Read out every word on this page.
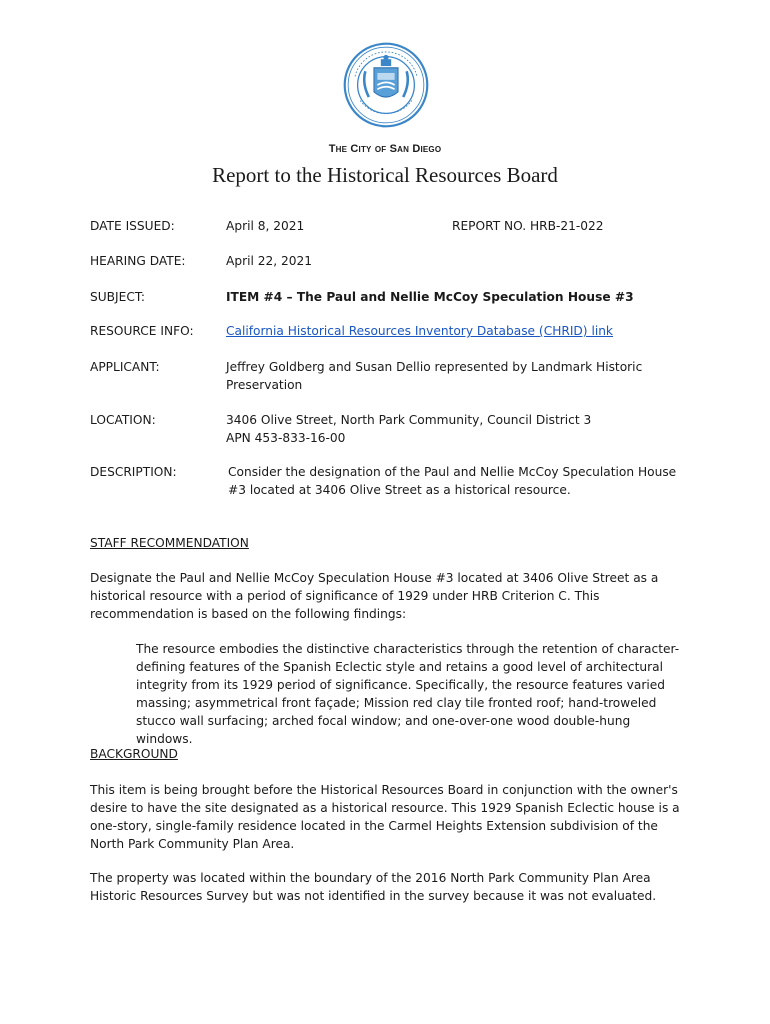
The City of San Diego
Report to the Historical Resources Board
DATE ISSUED:	April 8, 2021	REPORT NO. HRB-21-022
HEARING DATE:	April 22, 2021
SUBJECT:	ITEM #4 – The Paul and Nellie McCoy Speculation House #3
RESOURCE INFO:	California Historical Resources Inventory Database (CHRID) link
APPLICANT:	Jeffrey Goldberg and Susan Dellio represented by Landmark Historic Preservation
LOCATION:	3406 Olive Street, North Park Community, Council District 3
APN 453-833-16-00
DESCRIPTION:	Consider the designation of the Paul and Nellie McCoy Speculation House #3 located at 3406 Olive Street as a historical resource.
STAFF RECOMMENDATION
Designate the Paul and Nellie McCoy Speculation House #3 located at 3406 Olive Street as a historical resource with a period of significance of 1929 under HRB Criterion C. This recommendation is based on the following findings:
The resource embodies the distinctive characteristics through the retention of character-defining features of the Spanish Eclectic style and retains a good level of architectural integrity from its 1929 period of significance. Specifically, the resource features varied massing; asymmetrical front façade; Mission red clay tile fronted roof; hand-troweled stucco wall surfacing; arched focal window; and one-over-one wood double-hung windows.
BACKGROUND
This item is being brought before the Historical Resources Board in conjunction with the owner's desire to have the site designated as a historical resource. This 1929 Spanish Eclectic house is a one-story, single-family residence located in the Carmel Heights Extension subdivision of the North Park Community Plan Area.
The property was located within the boundary of the 2016 North Park Community Plan Area Historic Resources Survey but was not identified in the survey because it was not evaluated.
